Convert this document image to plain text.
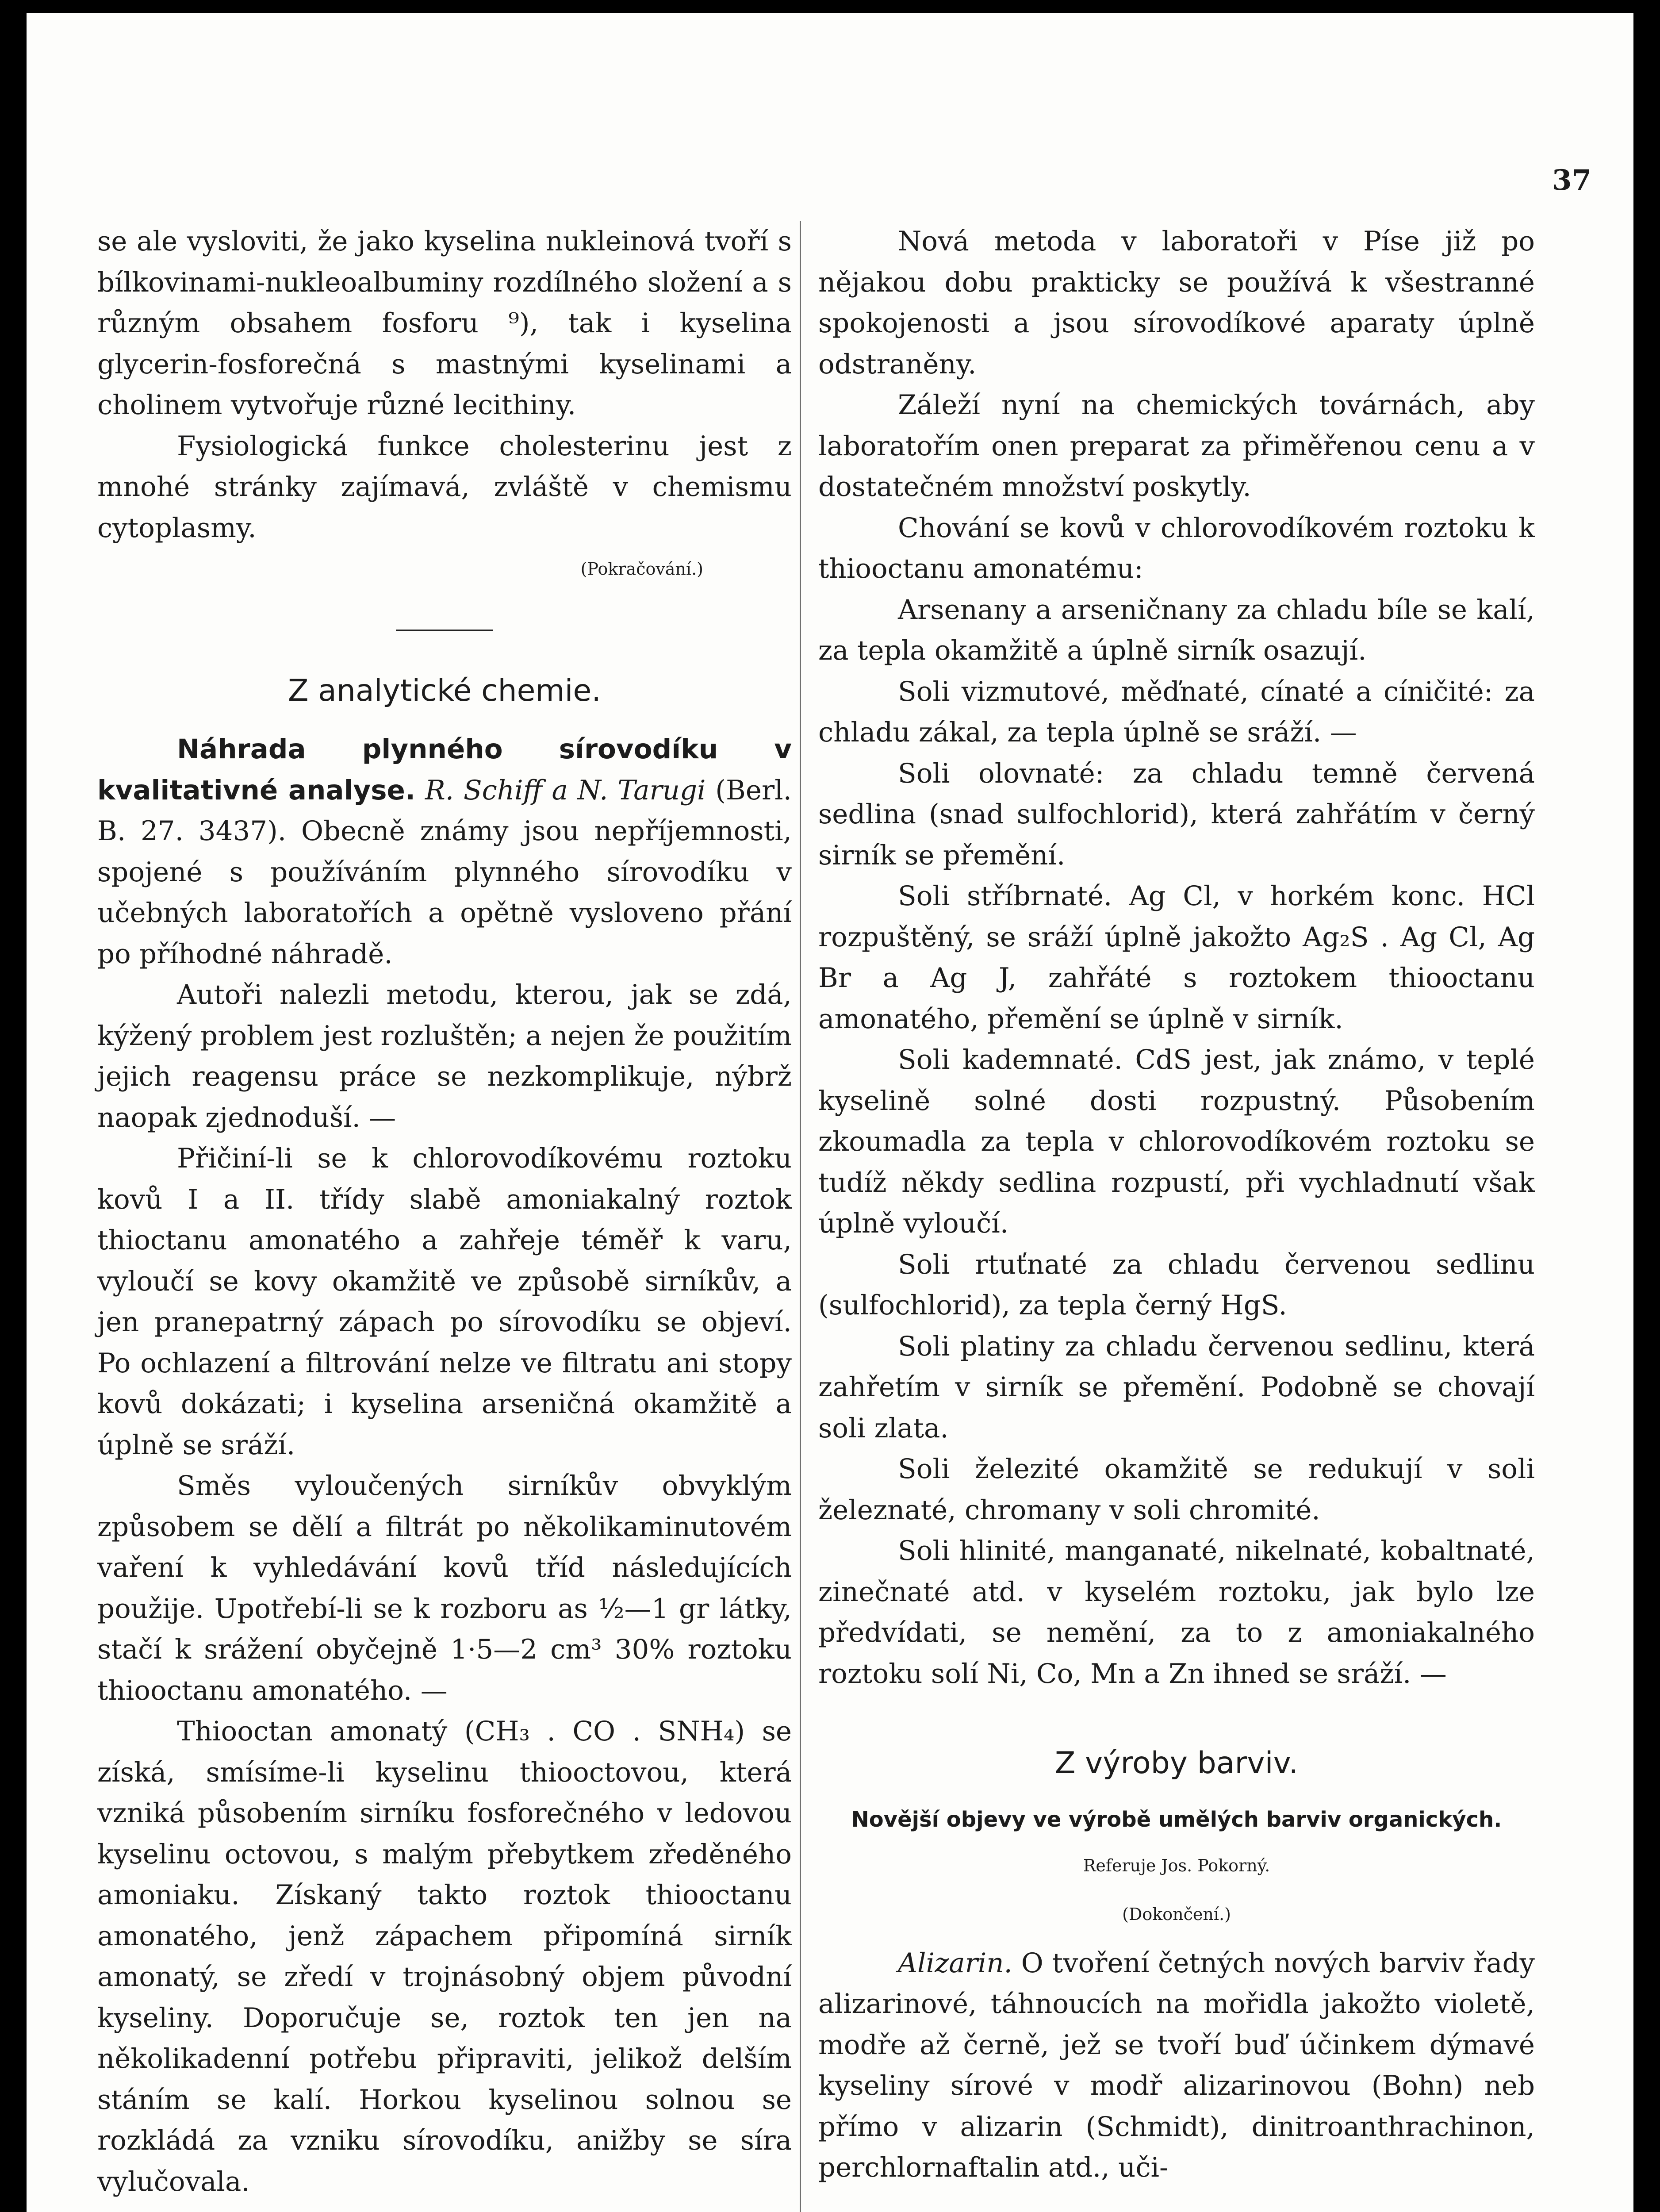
37

se ale vysloviti, že jako kyselina nukleinová tvoří s bílkovinami-nukleoalbuminy rozdílného složení a s různým obsahem fosforu ⁹), tak i kyselina glycerin-fosforečná s mastnými kyselinami a cholinem vytvořuje různé lecithiny.

Fysiologická funkce cholesterinu jest z mnohé stránky zajímavá, zvláště v chemismu cytoplasmy.

(Pokračování.)

Z analytické chemie.

Náhrada plynného sírovodíku v kvalitativné analyse. R. Schiff a N. Tarugi (Berl. B. 27. 3437). Obecně známy jsou nepříjemnosti, spojené s používáním plynného sírovodíku v učebných laboratořích a opětně vysloveno přání po příhodné náhradě.

Autoři nalezli metodu, kterou, jak se zdá, kýžený problem jest rozluštěn; a nejen že použitím jejich reagensu práce se nezkomplikuje, nýbrž naopak zjednoduší. —

Přičiní-li se k chlorovodíkovému roztoku kovů I a II. třídy slabě amoniakalný roztok thioctanu amonatého a zahřeje téměř k varu, vyloučí se kovy okamžitě ve způsobě sirníkův, a jen pranepatrný zápach po sírovodíku se objeví. Po ochlazení a filtrování nelze ve filtratu ani stopy kovů dokázati; i kyselina arseničná okamžitě a úplně se sráží.

Směs vyloučených sirníkův obvyklým způsobem se dělí a filtrát po několikaminutovém vaření k vyhledávání kovů tříd následujících použije. Upotřebí-li se k rozboru as ½—1 gr látky, stačí k srážení obyčejně 1·5—2 cm³ 30% roztoku thiooctanu amonatého. —

Thiooctan amonatý (CH₃ . CO . SNH₄) se získá, smísíme-li kyselinu thiooctovou, která vzniká působením sirníku fosforečného v ledovou kyselinu octovou, s malým přebytkem zředěného amoniaku. Získaný takto roztok thiooctanu amonatého, jenž zápachem připomíná sirník amonatý, se zředí v trojnásobný objem původní kyseliny. Doporučuje se, roztok ten jen na několikadenní potřebu připraviti, jelikož delším stáním se kalí. Horkou kyselinou solnou se rozkládá za vzniku sírovodíku, anižby se síra vylučovala.

Nová metoda v laboratoři v Píse již po nějakou dobu prakticky se používá k všestranné spokojenosti a jsou sírovodíkové aparaty úplně odstraněny.

Záleží nyní na chemických továrnách, aby laboratořím onen preparat za přiměřenou cenu a v dostatečném množství poskytly.

Chování se kovů v chlorovodíkovém roztoku k thiooctanu amonatému:

Arsenany a arseničnany za chladu bíle se kalí, za tepla okamžitě a úplně sirník osazují.

Soli vizmutové, měďnaté, cínaté a cíničité: za chladu zákal, za tepla úplně se sráží. —

Soli olovnaté: za chladu temně červená sedlina (snad sulfochlorid), která zahřátím v černý sirník se přemění.

Soli stříbrnaté. Ag Cl, v horkém konc. HCl rozpuštěný, se sráží úplně jakožto Ag₂S . Ag Cl, Ag Br a Ag J, zahřáté s roztokem thiooctanu amonatého, přemění se úplně v sirník.

Soli kademnaté. CdS jest, jak známo, v teplé kyselině solné dosti rozpustný. Působením zkoumadla za tepla v chlorovodíkovém roztoku se tudíž někdy sedlina rozpustí, při vychladnutí však úplně vyloučí.

Soli rtuťnaté za chladu červenou sedlinu (sulfochlorid), za tepla černý HgS.

Soli platiny za chladu červenou sedlinu, která zahřetím v sirník se přemění. Podobně se chovají soli zlata.

Soli železité okamžitě se redukují v soli železnaté, chromany v soli chromité.

Soli hlinité, manganaté, nikelnaté, kobaltnaté, zinečnaté atd. v kyselém roztoku, jak bylo lze předvídati, se nemění, za to z amoniakalného roztoku solí Ni, Co, Mn a Zn ihned se sráží. —

Z výroby barviv.

Novější objevy ve výrobě umělých barviv organických.

Referuje Jos. Pokorný.

(Dokončení.)

Alizarin. O tvoření četných nových barviv řady alizarinové, táhnoucích na mořidla jakožto violetě, modře až černě, jež se tvoří buď účinkem dýmavé kyseliny sírové v modř alizarinovou (Bohn) neb přímo v alizarin (Schmidt), dinitroanthrachinon, perchlornaftalin atd., uči-
